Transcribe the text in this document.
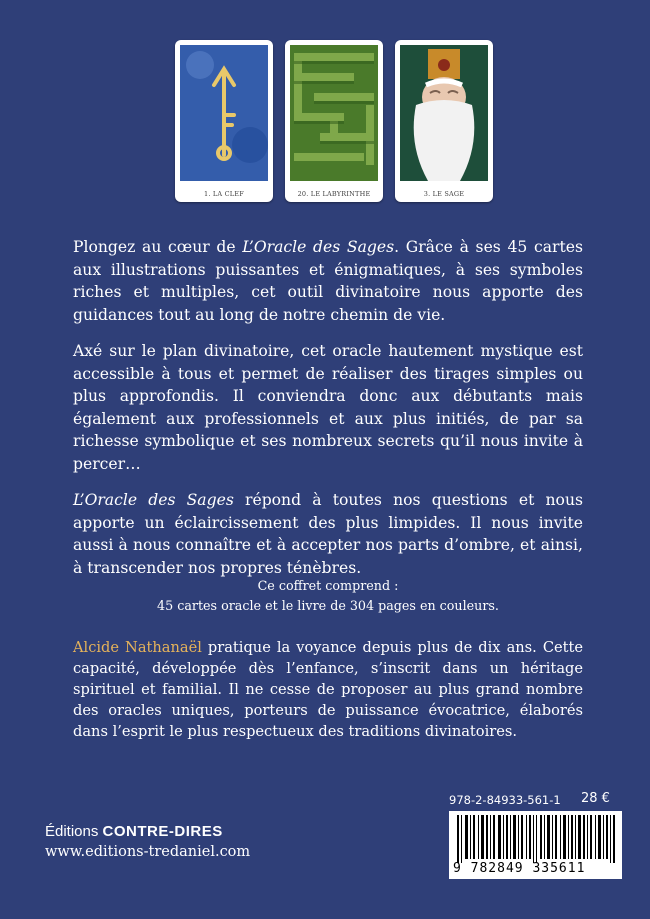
1. LA CLEF	20. LE LABYRINTHE	3. LE SAGE

Plongez au cœur de L’Oracle des Sages. Grâce à ses 45 cartes aux illustrations puissantes et énigmatiques, à ses symboles riches et multiples, cet outil divinatoire nous apporte des guidances tout au long de notre chemin de vie.

Axé sur le plan divinatoire, cet oracle hautement mystique est accessible à tous et permet de réaliser des tirages simples ou plus approfondis. Il conviendra donc aux débutants mais également aux professionnels et aux plus initiés, de par sa richesse symbolique et ses nombreux secrets qu’il nous invite à percer…

L’Oracle des Sages répond à toutes nos questions et nous apporte un éclaircissement des plus limpides. Il nous invite aussi à nous connaître et à accepter nos parts d’ombre, et ainsi, à transcender nos propres ténèbres.

Ce coffret comprend :
45 cartes oracle et le livre de 304 pages en couleurs.
Alcide Nathanaël pratique la voyance depuis plus de dix ans. Cette capacité, développée dès l’enfance, s’inscrit dans un héritage spirituel et familial. Il ne cesse de proposer au plus grand nombre des oracles uniques, porteurs de puissance évocatrice, élaborés dans l’esprit le plus respectueux des traditions divinatoires.
Éditions CONTRE-DIRES
www.editions-tredaniel.com
978-2-84933-561-1 28 €
9 782849 335611
